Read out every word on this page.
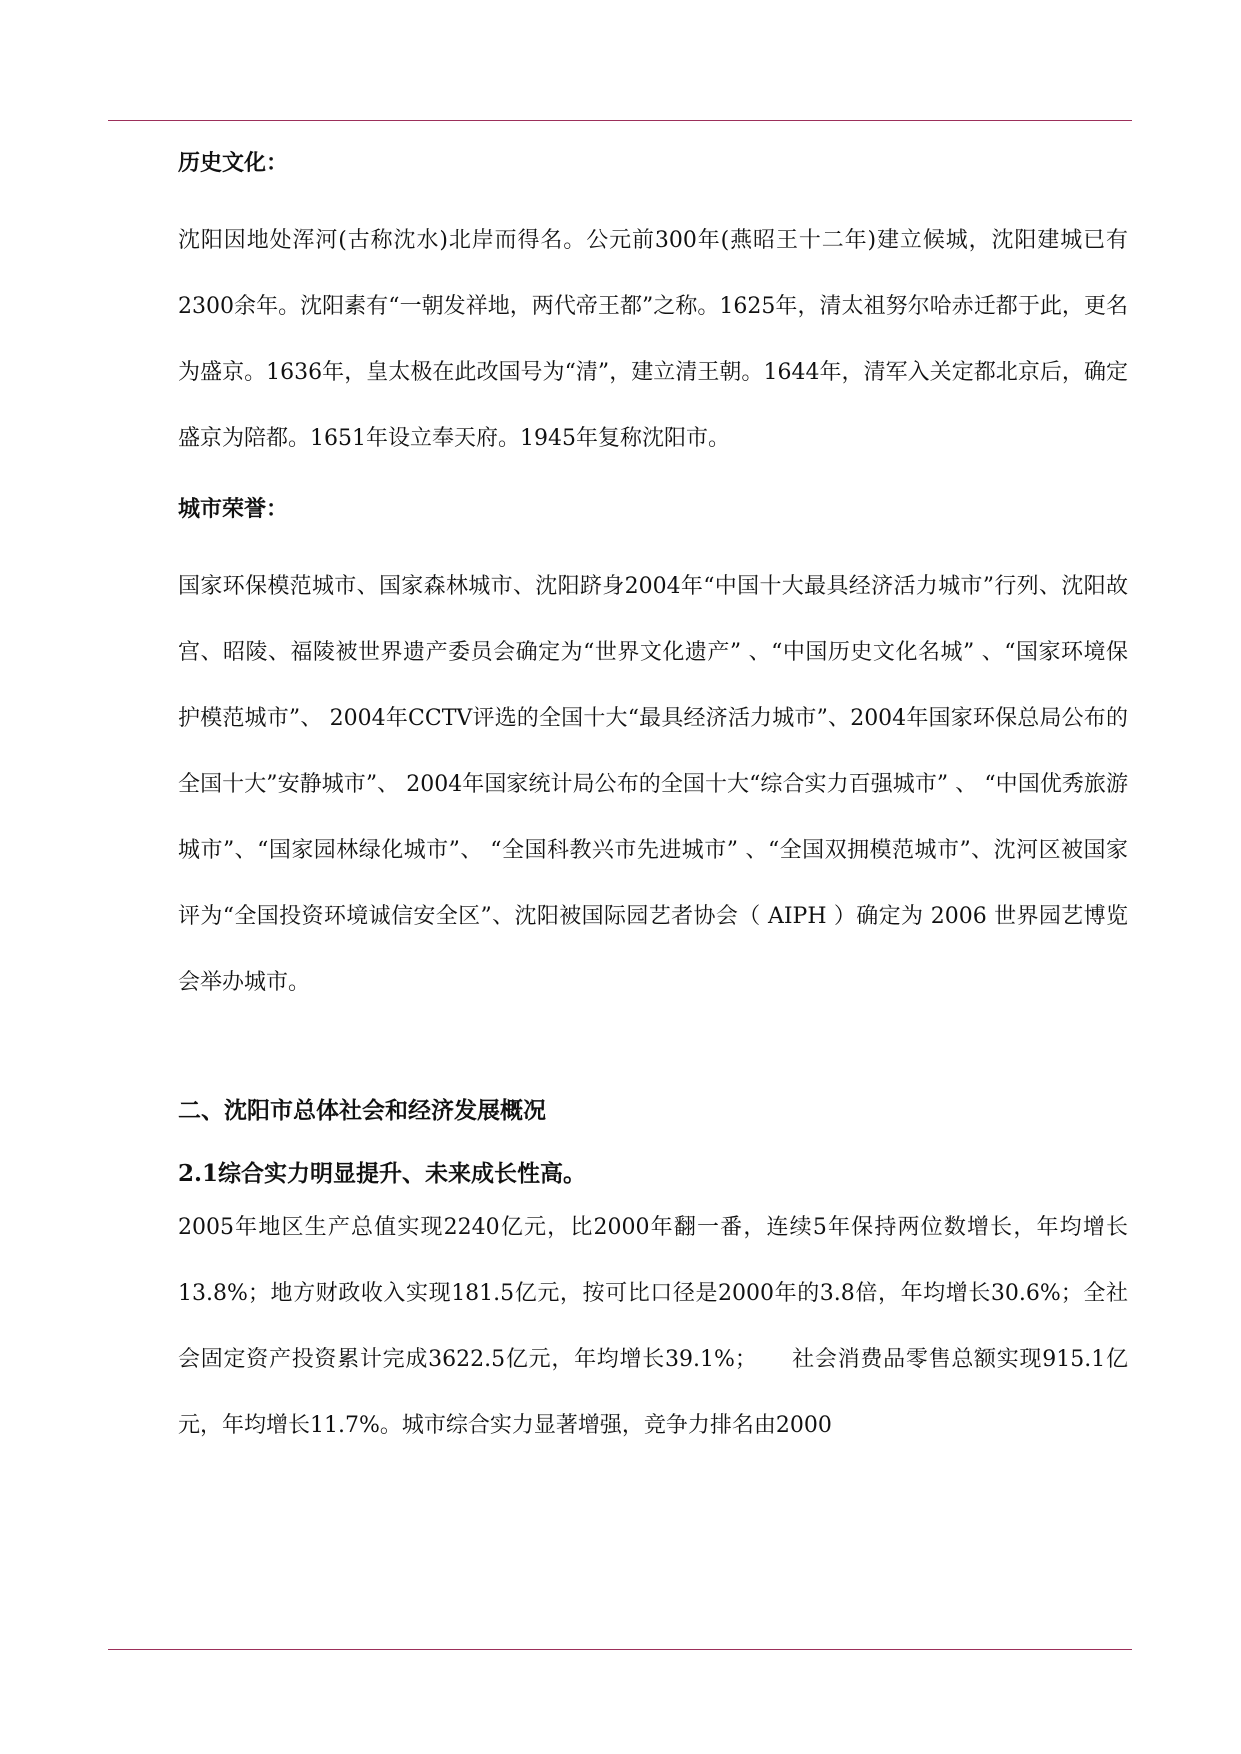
历史文化：

沈阳因地处浑河(古称沈水)北岸而得名。公元前300年(燕昭王十二年)建立候城，沈阳建城已有2300余年。沈阳素有“一朝发祥地，两代帝王都”之称。1625年，清太祖努尔哈赤迁都于此，更名为盛京。1636年，皇太极在此改国号为“清”，建立清王朝。1644年，清军入关定都北京后，确定盛京为陪都。1651年设立奉天府。1945年复称沈阳市。

城市荣誉：

国家环保模范城市、国家森林城市、沈阳跻身2004年“中国十大最具经济活力城市”行列、沈阳故宫、昭陵、福陵被世界遗产委员会确定为“世界文化遗产” 、“中国历史文化名城” 、“国家环境保护模范城市”、 2004年CCTV评选的全国十大“最具经济活力城市”、2004年国家环保总局公布的全国十大”安静城市”、 2004年国家统计局公布的全国十大“综合实力百强城市” 、 “中国优秀旅游城市”、“国家园林绿化城市”、 “全国科教兴市先进城市” 、“全国双拥模范城市”、沈河区被国家评为“全国投资环境诚信安全区”、沈阳被国际园艺者协会（ AIPH ）确定为 2006 世界园艺博览会举办城市。

二、沈阳市总体社会和经济发展概况
2.1综合实力明显提升、未来成长性高。

2005年地区生产总值实现2240亿元，比2000年翻一番，连续5年保持两位数增长，年均增长13.8%；地方财政收入实现181.5亿元，按可比口径是2000年的3.8倍，年均增长30.6%；全社会固定资产投资累计完成3622.5亿元，年均增长39.1%；　　社会消费品零售总额实现915.1亿元，年均增长11.7%。城市综合实力显著增强，竞争力排名由2000
